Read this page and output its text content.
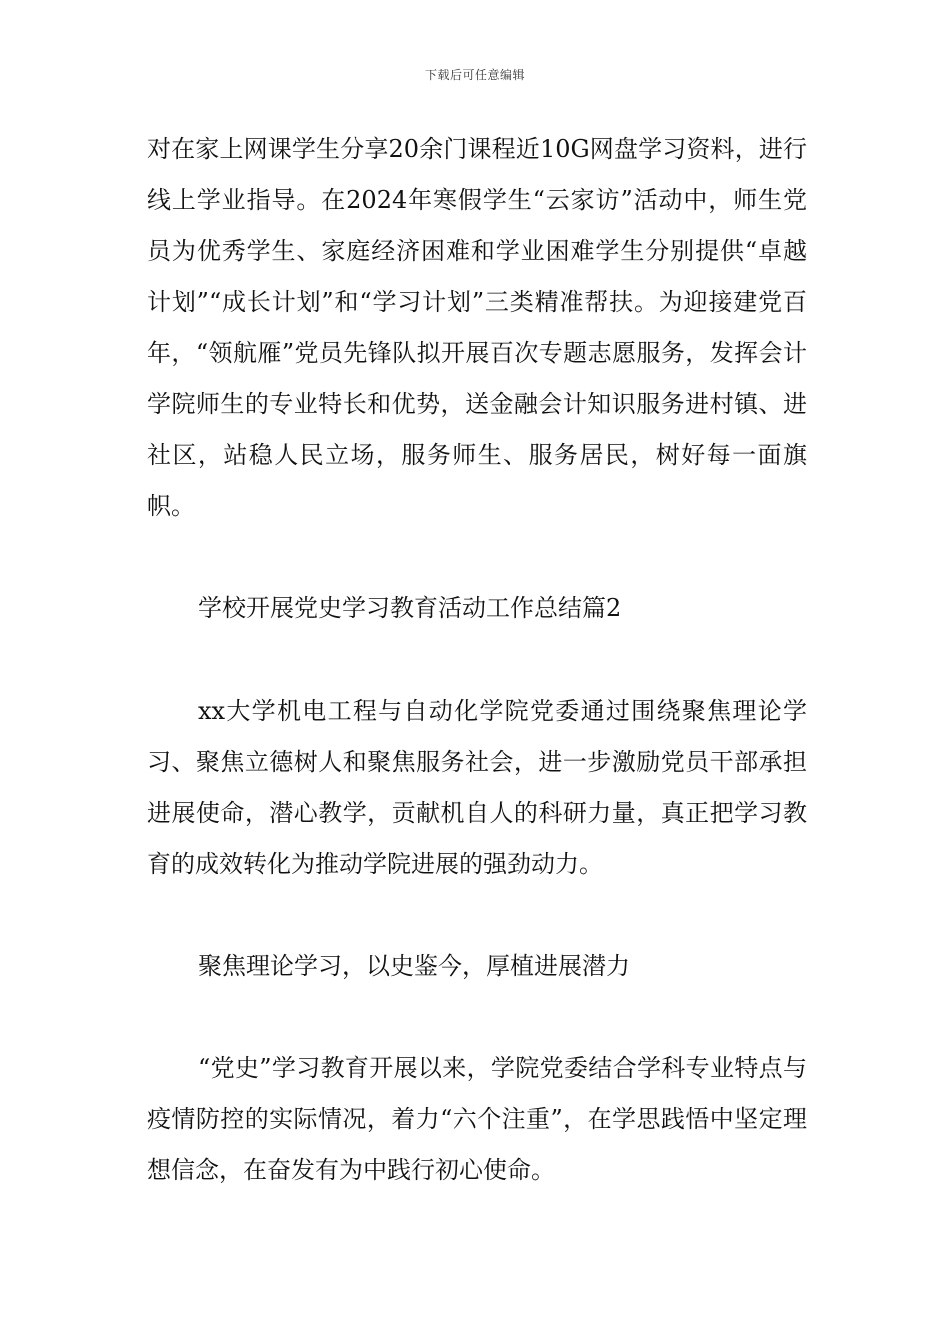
下载后可任意编辑

对在家上网课学生分享20余门课程近10G网盘学习资料，进行线上学业指导。在2024年寒假学生“云家访”活动中，师生党员为优秀学生、家庭经济困难和学业困难学生分别提供“卓越计划”“成长计划”和“学习计划”三类精准帮扶。为迎接建党百年，“领航雁”党员先锋队拟开展百次专题志愿服务，发挥会计学院师生的专业特长和优势，送金融会计知识服务进村镇、进社区，站稳人民立场，服务师生、服务居民，树好每一面旗帜。

学校开展党史学习教育活动工作总结篇2

xx大学机电工程与自动化学院党委通过围绕聚焦理论学习、聚焦立德树人和聚焦服务社会，进一步激励党员干部承担进展使命，潜心教学，贡献机自人的科研力量，真正把学习教育的成效转化为推动学院进展的强劲动力。

聚焦理论学习，以史鉴今，厚植进展潜力

“党史”学习教育开展以来，学院党委结合学科专业特点与疫情防控的实际情况，着力“六个注重”，在学思践悟中坚定理想信念，在奋发有为中践行初心使命。
